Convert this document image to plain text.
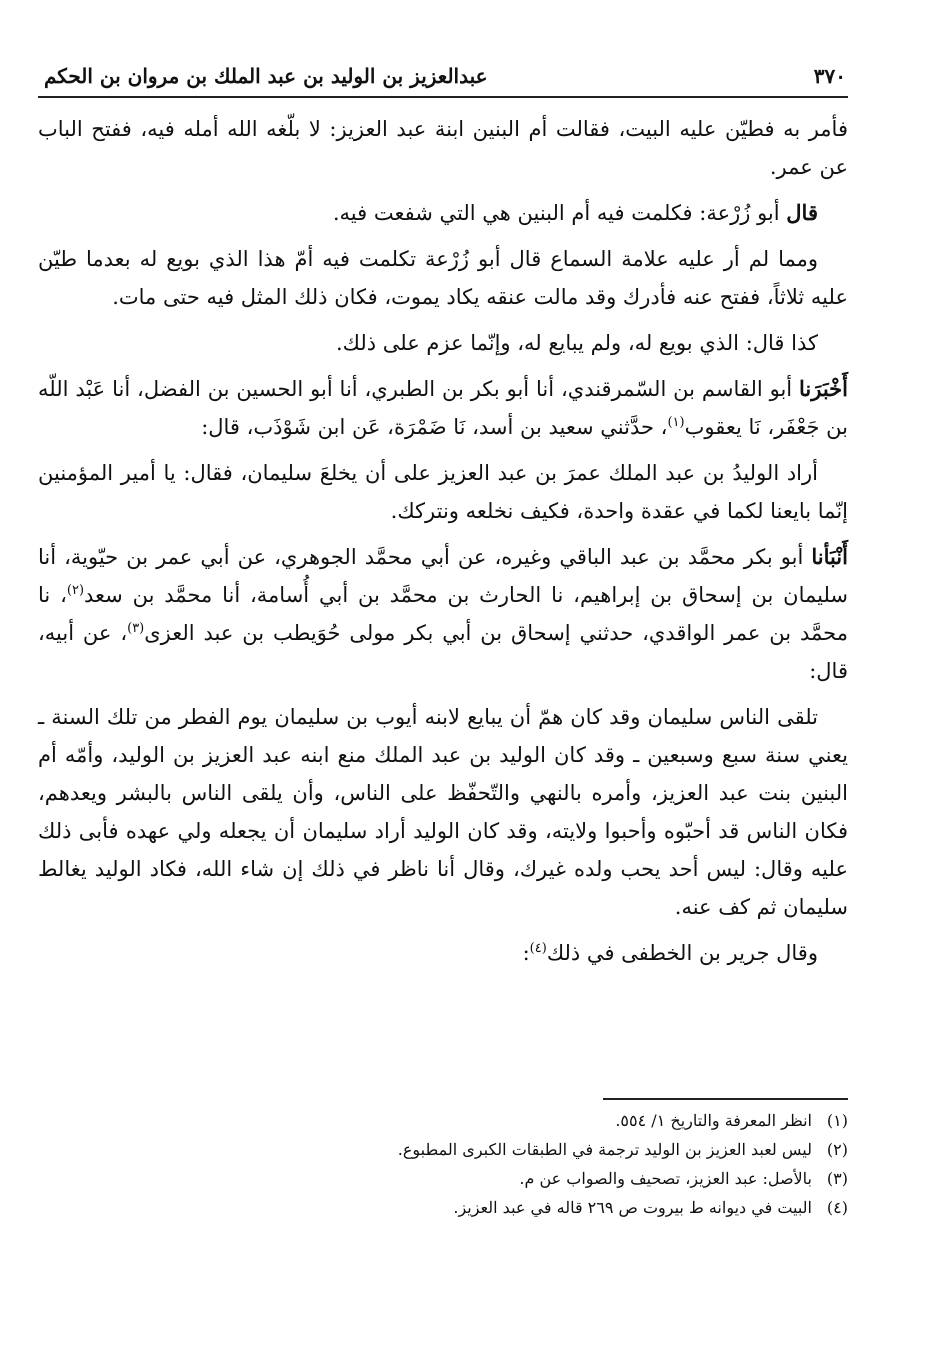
٣٧٠
عبدالعزيز بن الوليد بن عبد الملك بن مروان بن الحكم

فأمر به فطيّن عليه البيت، فقالت أم البنين ابنة عبد العزيز: لا بلّغه الله أمله فيه، ففتح الباب عن عمر.

قال أبو زُرْعة: فكلمت فيه أم البنين هي التي شفعت فيه.

ومما لم أر عليه علامة السماع قال أبو زُرْعة تكلمت فيه أمّ هذا الذي بويع له بعدما طيّن عليه ثلاثاً، ففتح عنه فأدرك وقد مالت عنقه يكاد يموت، فكان ذلك المثل فيه حتى مات.

كذا قال: الذي بويع له، ولم يبايع له، وإنّما عزم على ذلك.

أَخْبَرَنا أبو القاسم بن السّمرقندي، أنا أبو بكر بن الطبري، أنا أبو الحسين بن الفضل، أنا عَبْد اللّه بن جَعْفَر، نَا يعقوب$^{(١)}$، حدَّثني سعيد بن أسد، نَا ضَمْرَة، عَن ابن شَوْذَب، قال:

أراد الوليدُ بن عبد الملك عمرَ بن عبد العزيز على أن يخلعَ سليمان، فقال: يا أمير المؤمنين إنّما بايعنا لكما في عقدة واحدة، فكيف نخلعه ونتركك.

أَنْبَأنا أبو بكر محمَّد بن عبد الباقي وغيره، عن أبي محمَّد الجوهري، عن أبي عمر بن حيّوية، أنا سليمان بن إسحاق بن إبراهيم، نا الحارث بن محمَّد بن أبي أُسامة، أنا محمَّد بن سعد$^{(٢)}$، نا محمَّد بن عمر الواقدي، حدثني إسحاق بن أبي بكر مولى حُوَيطب بن عبد العزى$^{(٣)}$، عن أبيه، قال:

تلقى الناس سليمان وقد كان همّ أن يبايع لابنه أيوب بن سليمان يوم الفطر من تلك السنة ـ يعني سنة سبع وسبعين ـ وقد كان الوليد بن عبد الملك منع ابنه عبد العزيز بن الوليد، وأمّه أم البنين بنت عبد العزيز، وأمره بالنهي والتّحفّظ على الناس، وأن يلقى الناس بالبشر ويعدهم، فكان الناس قد أحبّوه وأحبوا ولايته، وقد كان الوليد أراد سليمان أن يجعله ولي عهده فأبى ذلك عليه وقال: ليس أحد يحب ولده غيرك، وقال أنا ناظر في ذلك إن شاء الله، فكاد الوليد يغالط سليمان ثم كف عنه.

وقال جرير بن الخطفى في ذلك$^{(٤)}$:

(١)
انظر المعرفة والتاريخ ١/ ٥٥٤.
(٢)
ليس لعبد العزيز بن الوليد ترجمة في الطبقات الكبرى المطبوع.
(٣)
بالأصل: عبد العزيز، تصحيف والصواب عن م.
(٤)
البيت في ديوانه ط بيروت ص ٢٦٩ قاله في عبد العزيز.
